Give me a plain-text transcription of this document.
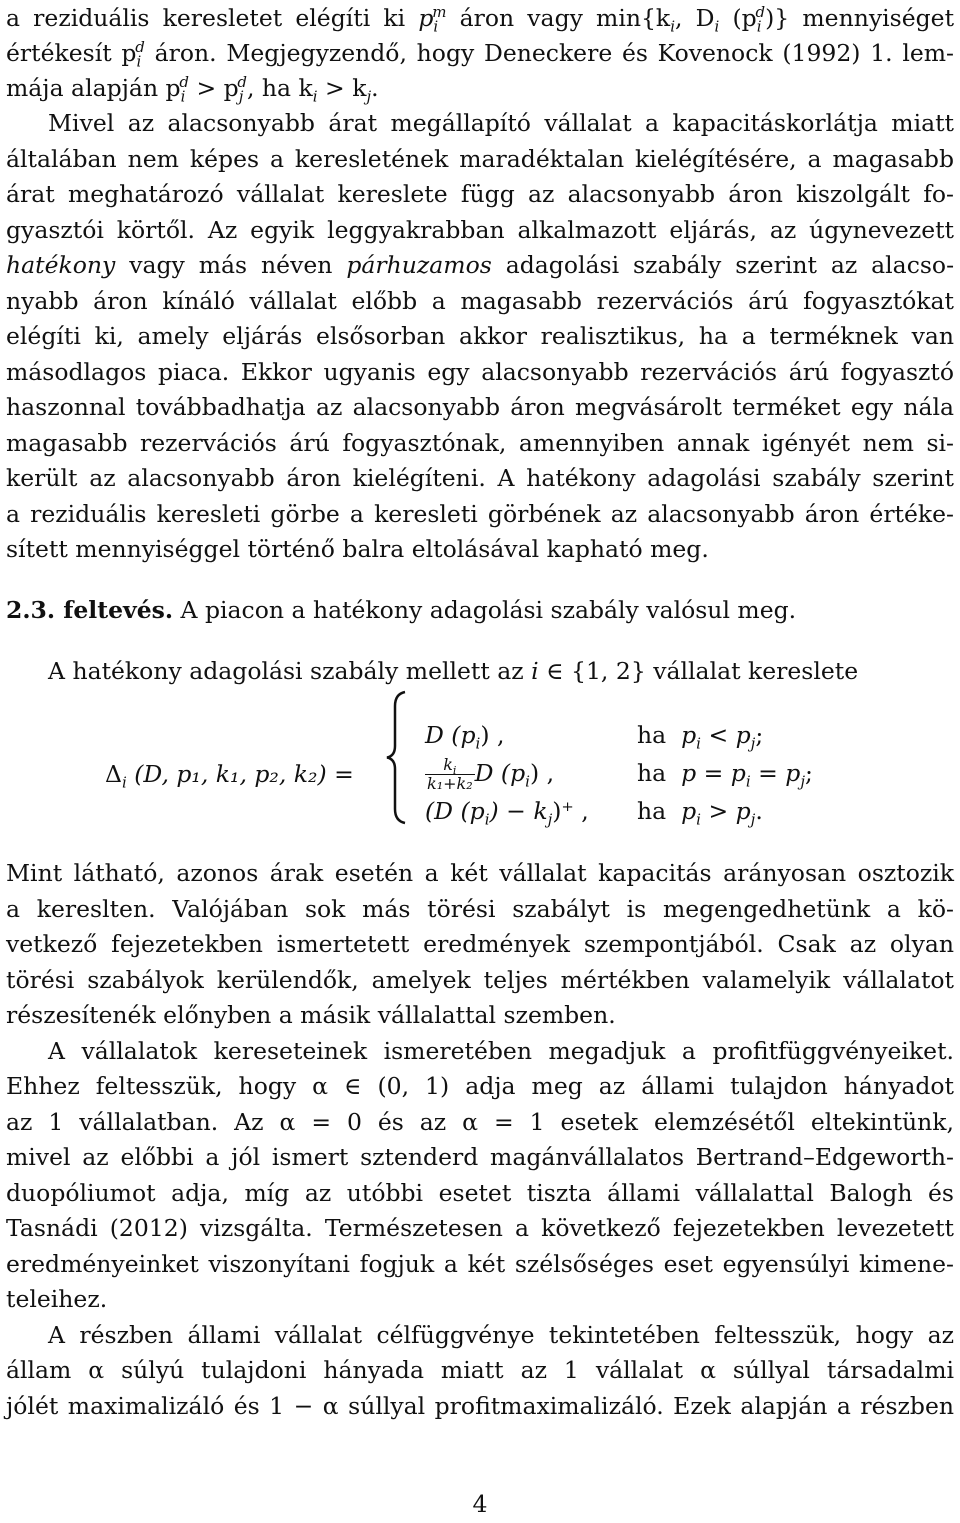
a reziduális keresletet elégíti ki $p_i^m$ áron vagy $\min\{k_i$, $D_i$ $(p_i^d)$} mennyiséget
értékesít $p_i^d$ áron. Megjegyzendő, hogy Deneckere és Kovenock (1992) 1. lem-
mája alapján $p_i^d > p_j^d$, ha $k_i > k_j$.
Mivel az alacsonyabb árat megállapító vállalat a kapacitáskorlátja miatt
általában nem képes a keresletének maradéktalan kielégítésére, a magasabb
árat meghatározó vállalat kereslete függ az alacsonyabb áron kiszolgált fo-
gyasztói körtől. Az egyik leggyakrabban alkalmazott eljárás, az úgynevezett
hatékony vagy más néven párhuzamos adagolási szabály szerint az alacso-
nyabb áron kínáló vállalat előbb a magasabb rezervációs árú fogyasztókat
elégíti ki, amely eljárás elsősorban akkor realisztikus, ha a terméknek van
másodlagos piaca. Ekkor ugyanis egy alacsonyabb rezervációs árú fogyasztó
haszonnal továbbadhatja az alacsonyabb áron megvásárolt terméket egy nála
magasabb rezervációs árú fogyasztónak, amennyiben annak igényét nem si-
került az alacsonyabb áron kielégíteni. A hatékony adagolási szabály szerint
a reziduális keresleti görbe a keresleti görbének az alacsonyabb áron értéke-
sített mennyiséggel történő balra eltolásával kapható meg.
2.3. feltevés. A piacon a hatékony adagolási szabály valósul meg.
A hatékony adagolási szabály mellett az i ∈ {1, 2} vállalat kereslete
$\Delta_i$ (D, p₁, k₁, p₂, k₂) =
D $(p_i)$ ,	ha $p_i < p_j$;
$\frac{k_i}{\text{k₁+k₂}}$ D $(p_i)$ ,	ha $p = p_i = p_j$;
(D $(p_i) - k_j)^+$ , ha $p_i > p_j$.
Mint látható, azonos árak esetén a két vállalat kapacitás arányosan osztozik
a kereslten. Valójában sok más törési szabályt is megengedhetünk a kö-
vetkező fejezetekben ismertetett eredmények szempontjából. Csak az olyan
törési szabályok kerülendők, amelyek teljes mértékben valamelyik vállalatot
részesítenék előnyben a másik vállalattal szemben.
A vállalatok kereseteinek ismeretében megadjuk a profitfüggvényeiket.
Ehhez feltesszük, hogy α ∈ (0, 1) adja meg az állami tulajdon hányadot
az 1 vállalatban. Az α = 0 és az α = 1 esetek elemzésétől eltekintünk,
mivel az előbbi a jól ismert sztenderd magánvállalatos Bertrand–Edgeworth-
duopóliumot adja, míg az utóbbi esetet tiszta állami vállalattal Balogh és
Tasnádi (2012) vizsgálta. Természetesen a következő fejezetekben levezetett
eredményeinket viszonyítani fogjuk a két szélsőséges eset egyensúlyi kimene-
teleihez.
A részben állami vállalat célfüggvénye tekintetében feltesszük, hogy az
állam α súlyú tulajdoni hányada miatt az 1 vállalat α súllyal társadalmi
jólét maximalizáló és 1 − α súllyal profitmaximalizáló. Ezek alapján a részben
4
